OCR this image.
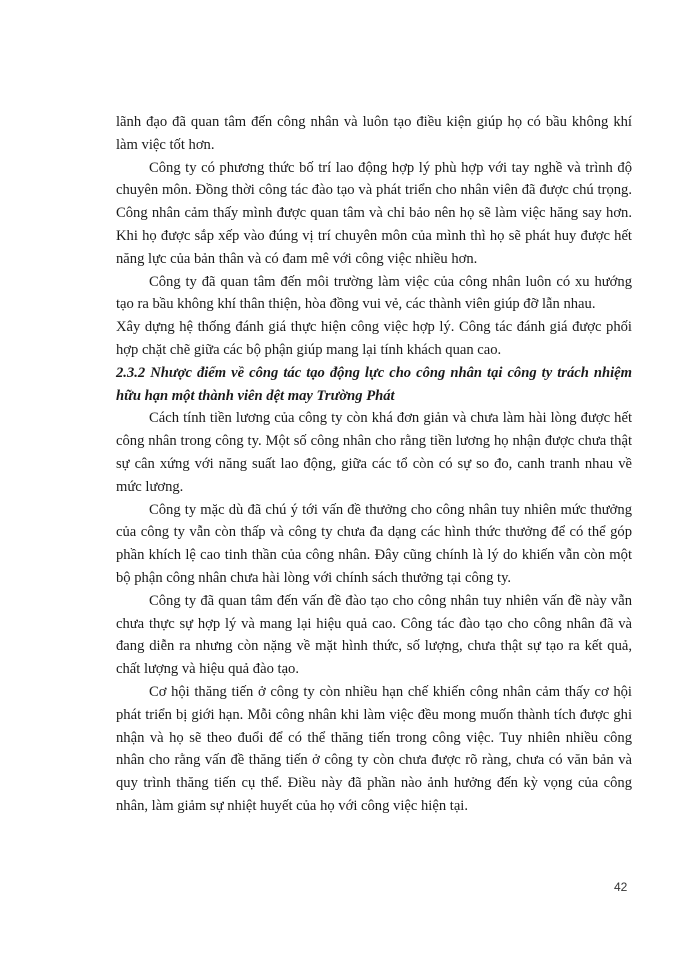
lãnh đạo đã quan tâm đến công nhân và luôn tạo điều kiện giúp họ có bầu không khí làm việc tốt hơn.

Công ty có phương thức bố trí lao động hợp lý phù hợp với tay nghề và trình độ chuyên môn. Đồng thời công tác đào tạo và phát triển cho nhân viên đã được chú trọng. Công nhân cảm thấy mình được quan tâm và chỉ bảo nên họ sẽ làm việc hăng say hơn. Khi họ được sắp xếp vào đúng vị trí chuyên môn của mình thì họ sẽ phát huy được hết năng lực của bản thân và có đam mê với công việc nhiều hơn.

Công ty đã quan tâm đến môi trường làm việc của công nhân luôn có xu hướng tạo ra bầu không khí thân thiện, hòa đồng vui vẻ, các thành viên giúp đỡ lẫn nhau.

Xây dựng hệ thống đánh giá thực hiện công việc hợp lý. Công tác đánh giá được phối hợp chặt chẽ giữa các bộ phận giúp mang lại tính khách quan cao.

2.3.2 Nhược điểm về công tác tạo động lực cho công nhân tại công ty trách nhiệm hữu hạn một thành viên dệt may Trường Phát

Cách tính tiền lương của công ty còn khá đơn giản và chưa làm hài lòng được hết công nhân trong công ty. Một số công nhân cho rằng tiền lương họ nhận được chưa thật sự cân xứng với năng suất lao động, giữa các tổ còn có sự so đo, canh tranh nhau về mức lương.

Công ty mặc dù đã chú ý tới vấn đề thưởng cho công nhân tuy nhiên mức thưởng của công ty vẫn còn thấp và công ty chưa đa dạng các hình thức thưởng để có thể góp phần khích lệ cao tinh thần của công nhân. Đây cũng chính là lý do khiến vẫn còn một bộ phận công nhân chưa hài lòng với chính sách thưởng tại công ty.

Công ty đã quan tâm đến vấn đề đào tạo cho công nhân tuy nhiên vấn đề này vẫn chưa thực sự hợp lý và mang lại hiệu quả cao. Công tác đào tạo cho công nhân đã và đang diễn ra nhưng còn nặng về mặt hình thức, số lượng, chưa thật sự tạo ra kết quả, chất lượng và hiệu quả đào tạo.

Cơ hội thăng tiến ở công ty còn nhiều hạn chế khiến công nhân cảm thấy cơ hội phát triển bị giới hạn. Mỗi công nhân khi làm việc đều mong muốn thành tích được ghi nhận và họ sẽ theo đuổi để có thể thăng tiến trong công việc. Tuy nhiên nhiều công nhân cho rằng vấn đề thăng tiến ở công ty còn chưa được rõ ràng, chưa có văn bản và quy trình thăng tiến cụ thể. Điều này đã phần nào ảnh hưởng đến kỳ vọng của công nhân, làm giảm sự nhiệt huyết của họ với công việc hiện tại.

42
